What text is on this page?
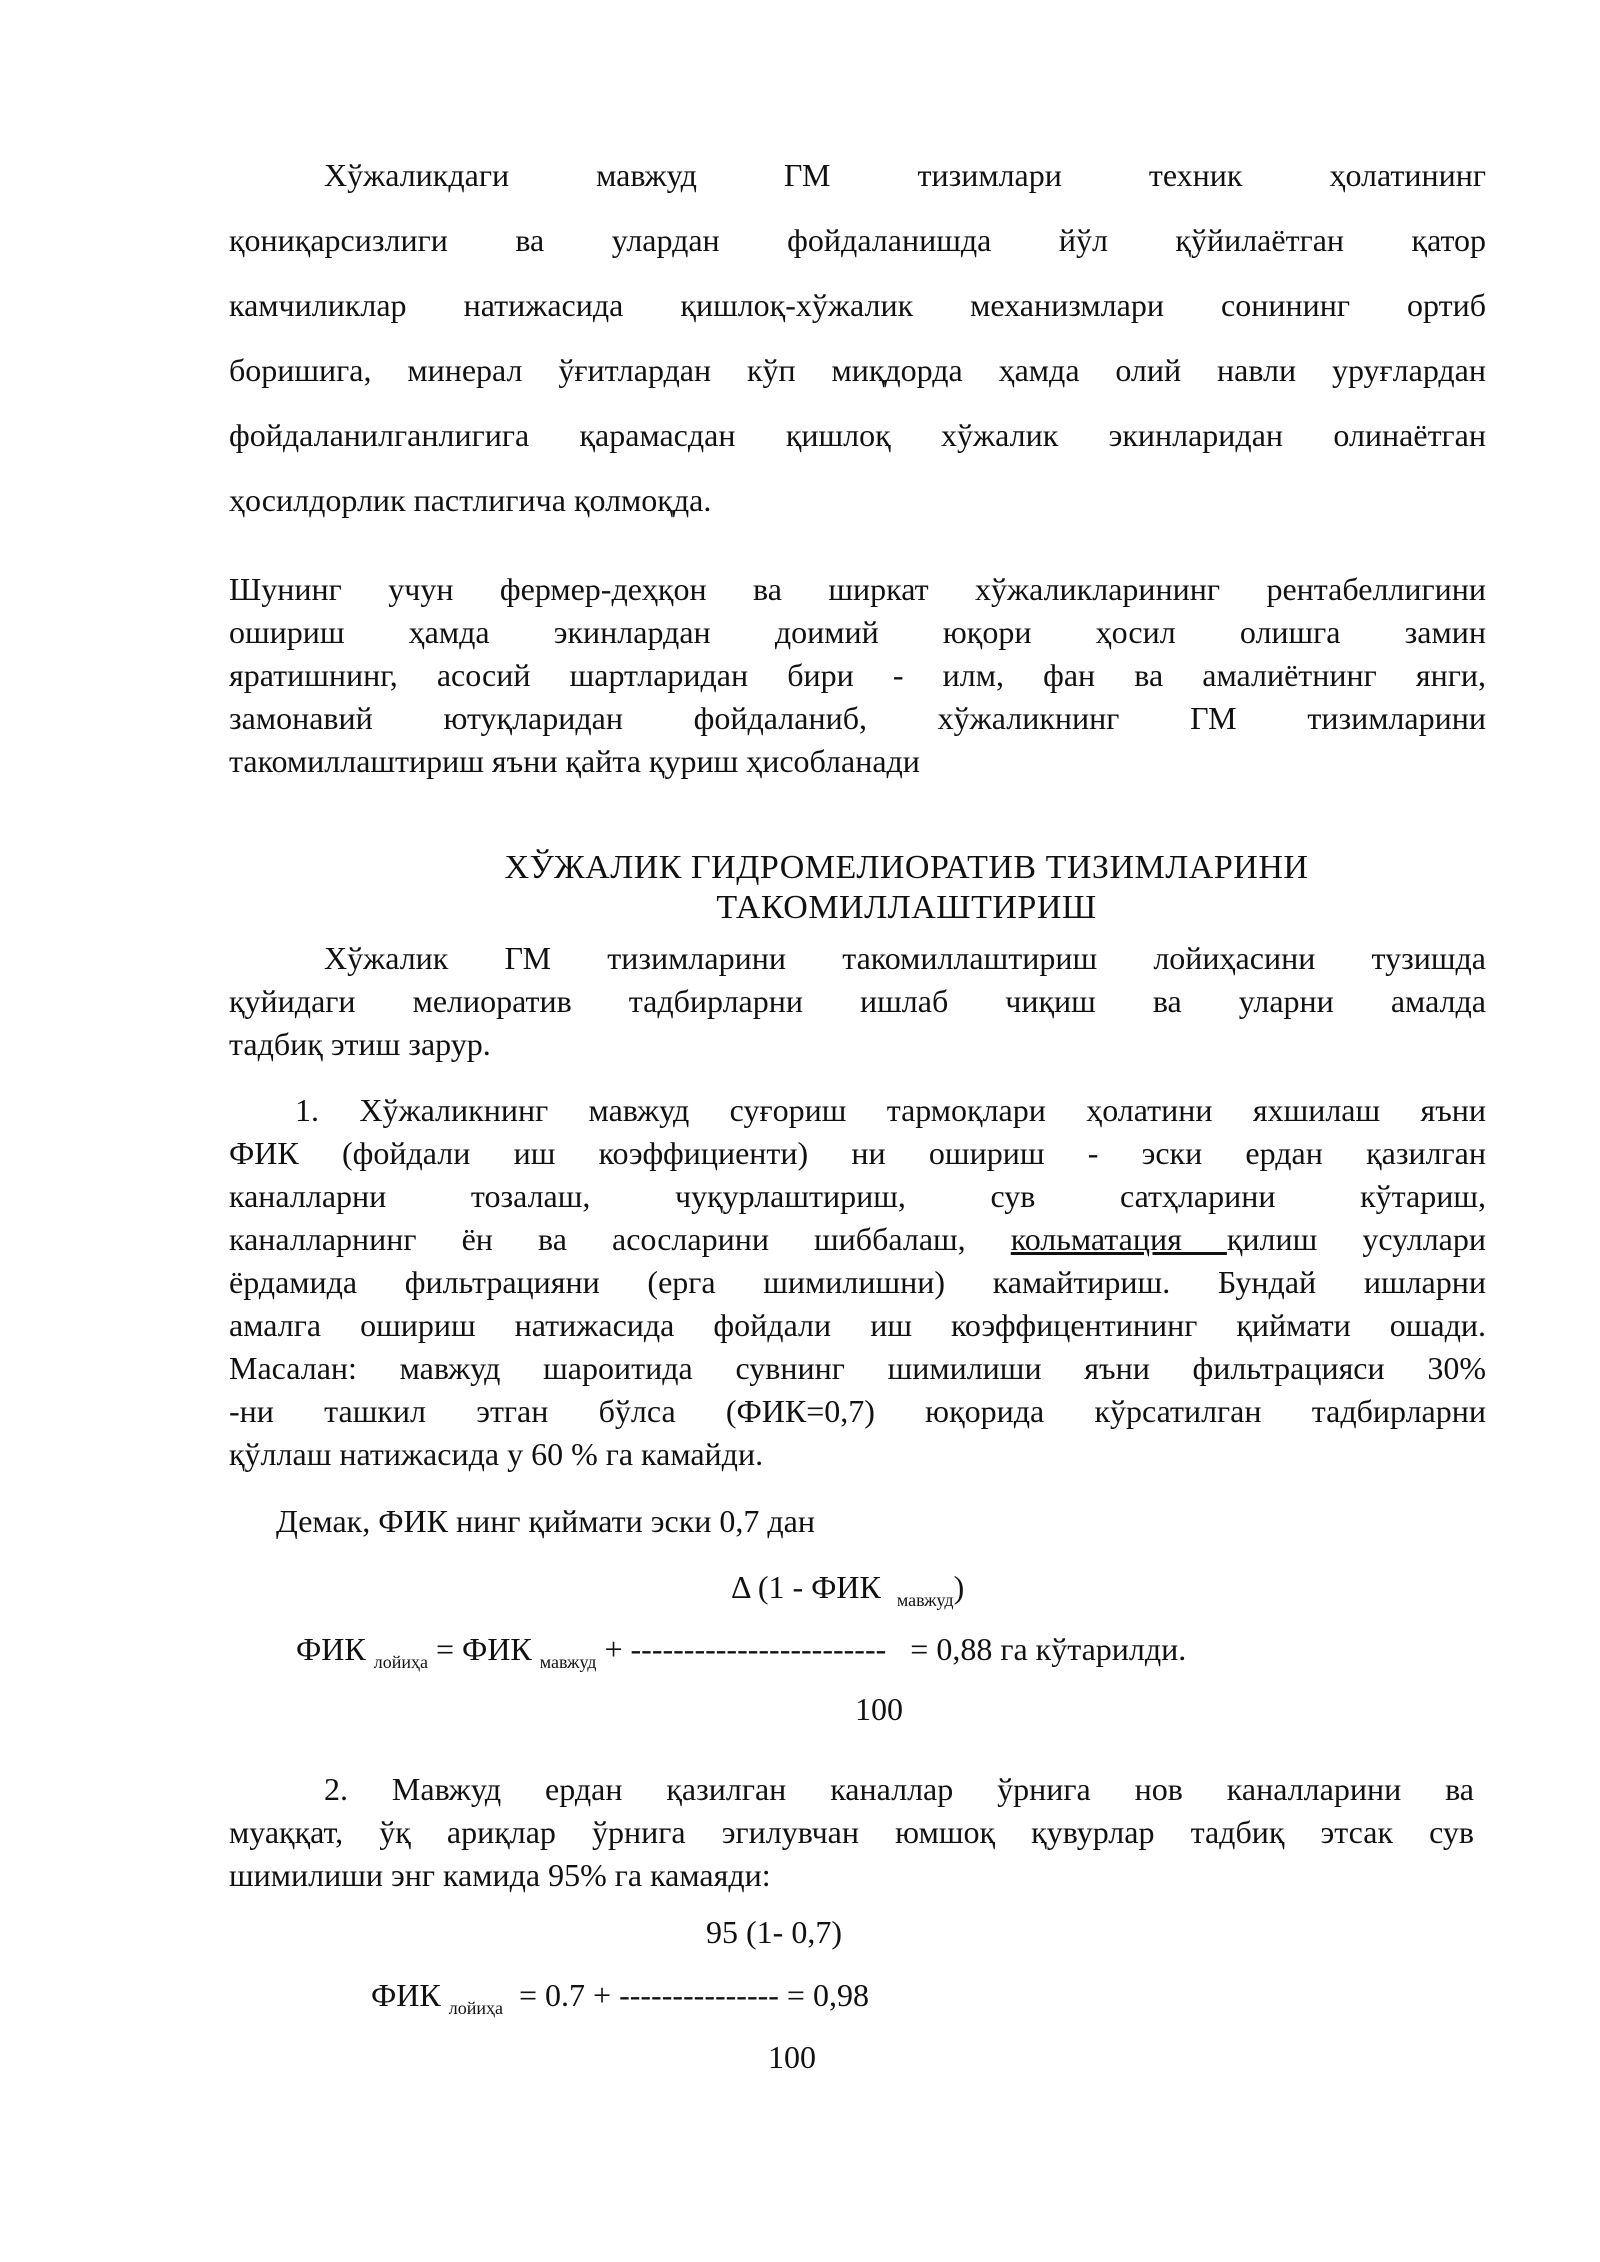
Хўжаликдаги мавжуд ГМ тизимлари техник ҳолатининг
қониқарсизлиги ва улардан фойдаланишда йўл қўйилаётган қатор
камчиликлар натижасида қишлоқ-хўжалик механизмлари сонининг ортиб
боришига, минерал ўғитлардан кўп миқдорда ҳамда олий навли уруғлардан
фойдаланилганлигига қарамасдан қишлоқ хўжалик экинларидан олинаётган
ҳосилдорлик пастлигича қолмоқда.
Шунинг учун фермер-деҳқон ва ширкат хўжаликларининг рентабеллигини
ошириш ҳамда экинлардан доимий юқори ҳосил олишга замин
яратишнинг, асосий шартларидан бири - илм, фан ва амалиётнинг янги,
замонавий ютуқларидан фойдаланиб, хўжаликнинг ГМ тизимларини
такомиллаштириш яъни қайта қуриш ҳисобланади
ХЎЖАЛИК ГИДРОМЕЛИОРАТИВ ТИЗИМЛАРИНИ
ТАКОМИЛЛАШТИРИШ
Хўжалик ГМ тизимларини такомиллаштириш лойиҳасини тузишда
қуйидаги мелиоратив тадбирларни ишлаб чиқиш ва уларни амалда
тадбиқ этиш зарур.
1. Хўжаликнинг мавжуд суғориш тармоқлари ҳолатини яхшилаш яъни
ФИК (фойдали иш коэффициенти) ни ошириш - эски ердан қазилган
каналларни тозалаш, чуқурлаштириш, сув сатҳларини кўтариш,
каналларнинг ён ва асосларини шиббалаш, кольматация қилиш усуллари
ёрдамида фильтрацияни (ерга шимилишни) камайтириш. Бундай ишларни
амалга ошириш натижасида фойдали иш коэффицентининг қиймати ошади.
Масалан: мавжуд шароитида сувнинг шимилиши яъни фильтрацияси 30%
-ни ташкил этган бўлса (ФИК=0,7) юқорида кўрсатилган тадбирларни
қўллаш натижасида у 60 % га камайди.
Демак, ФИК нинг қиймати эски 0,7 дан
Δ (1 - ФИК $_{мавжуд}$)
ФИК $_{лойиҳа}$ = ФИК $_{мавжуд}$ + ------------------------ = 0,88 га кўтарилди.
100
2. Мавжуд ердан қазилган каналлар ўрнига нов каналларини ва
муаққат, ўқ ариқлар ўрнига эгилувчан юмшоқ қувурлар тадбиқ этсак сув
шимилиши энг камида 95% га камаяди:
95 (1- 0,7)
ФИК $_{лойиҳа}$ = 0.7 + --------------- = 0,98
100
